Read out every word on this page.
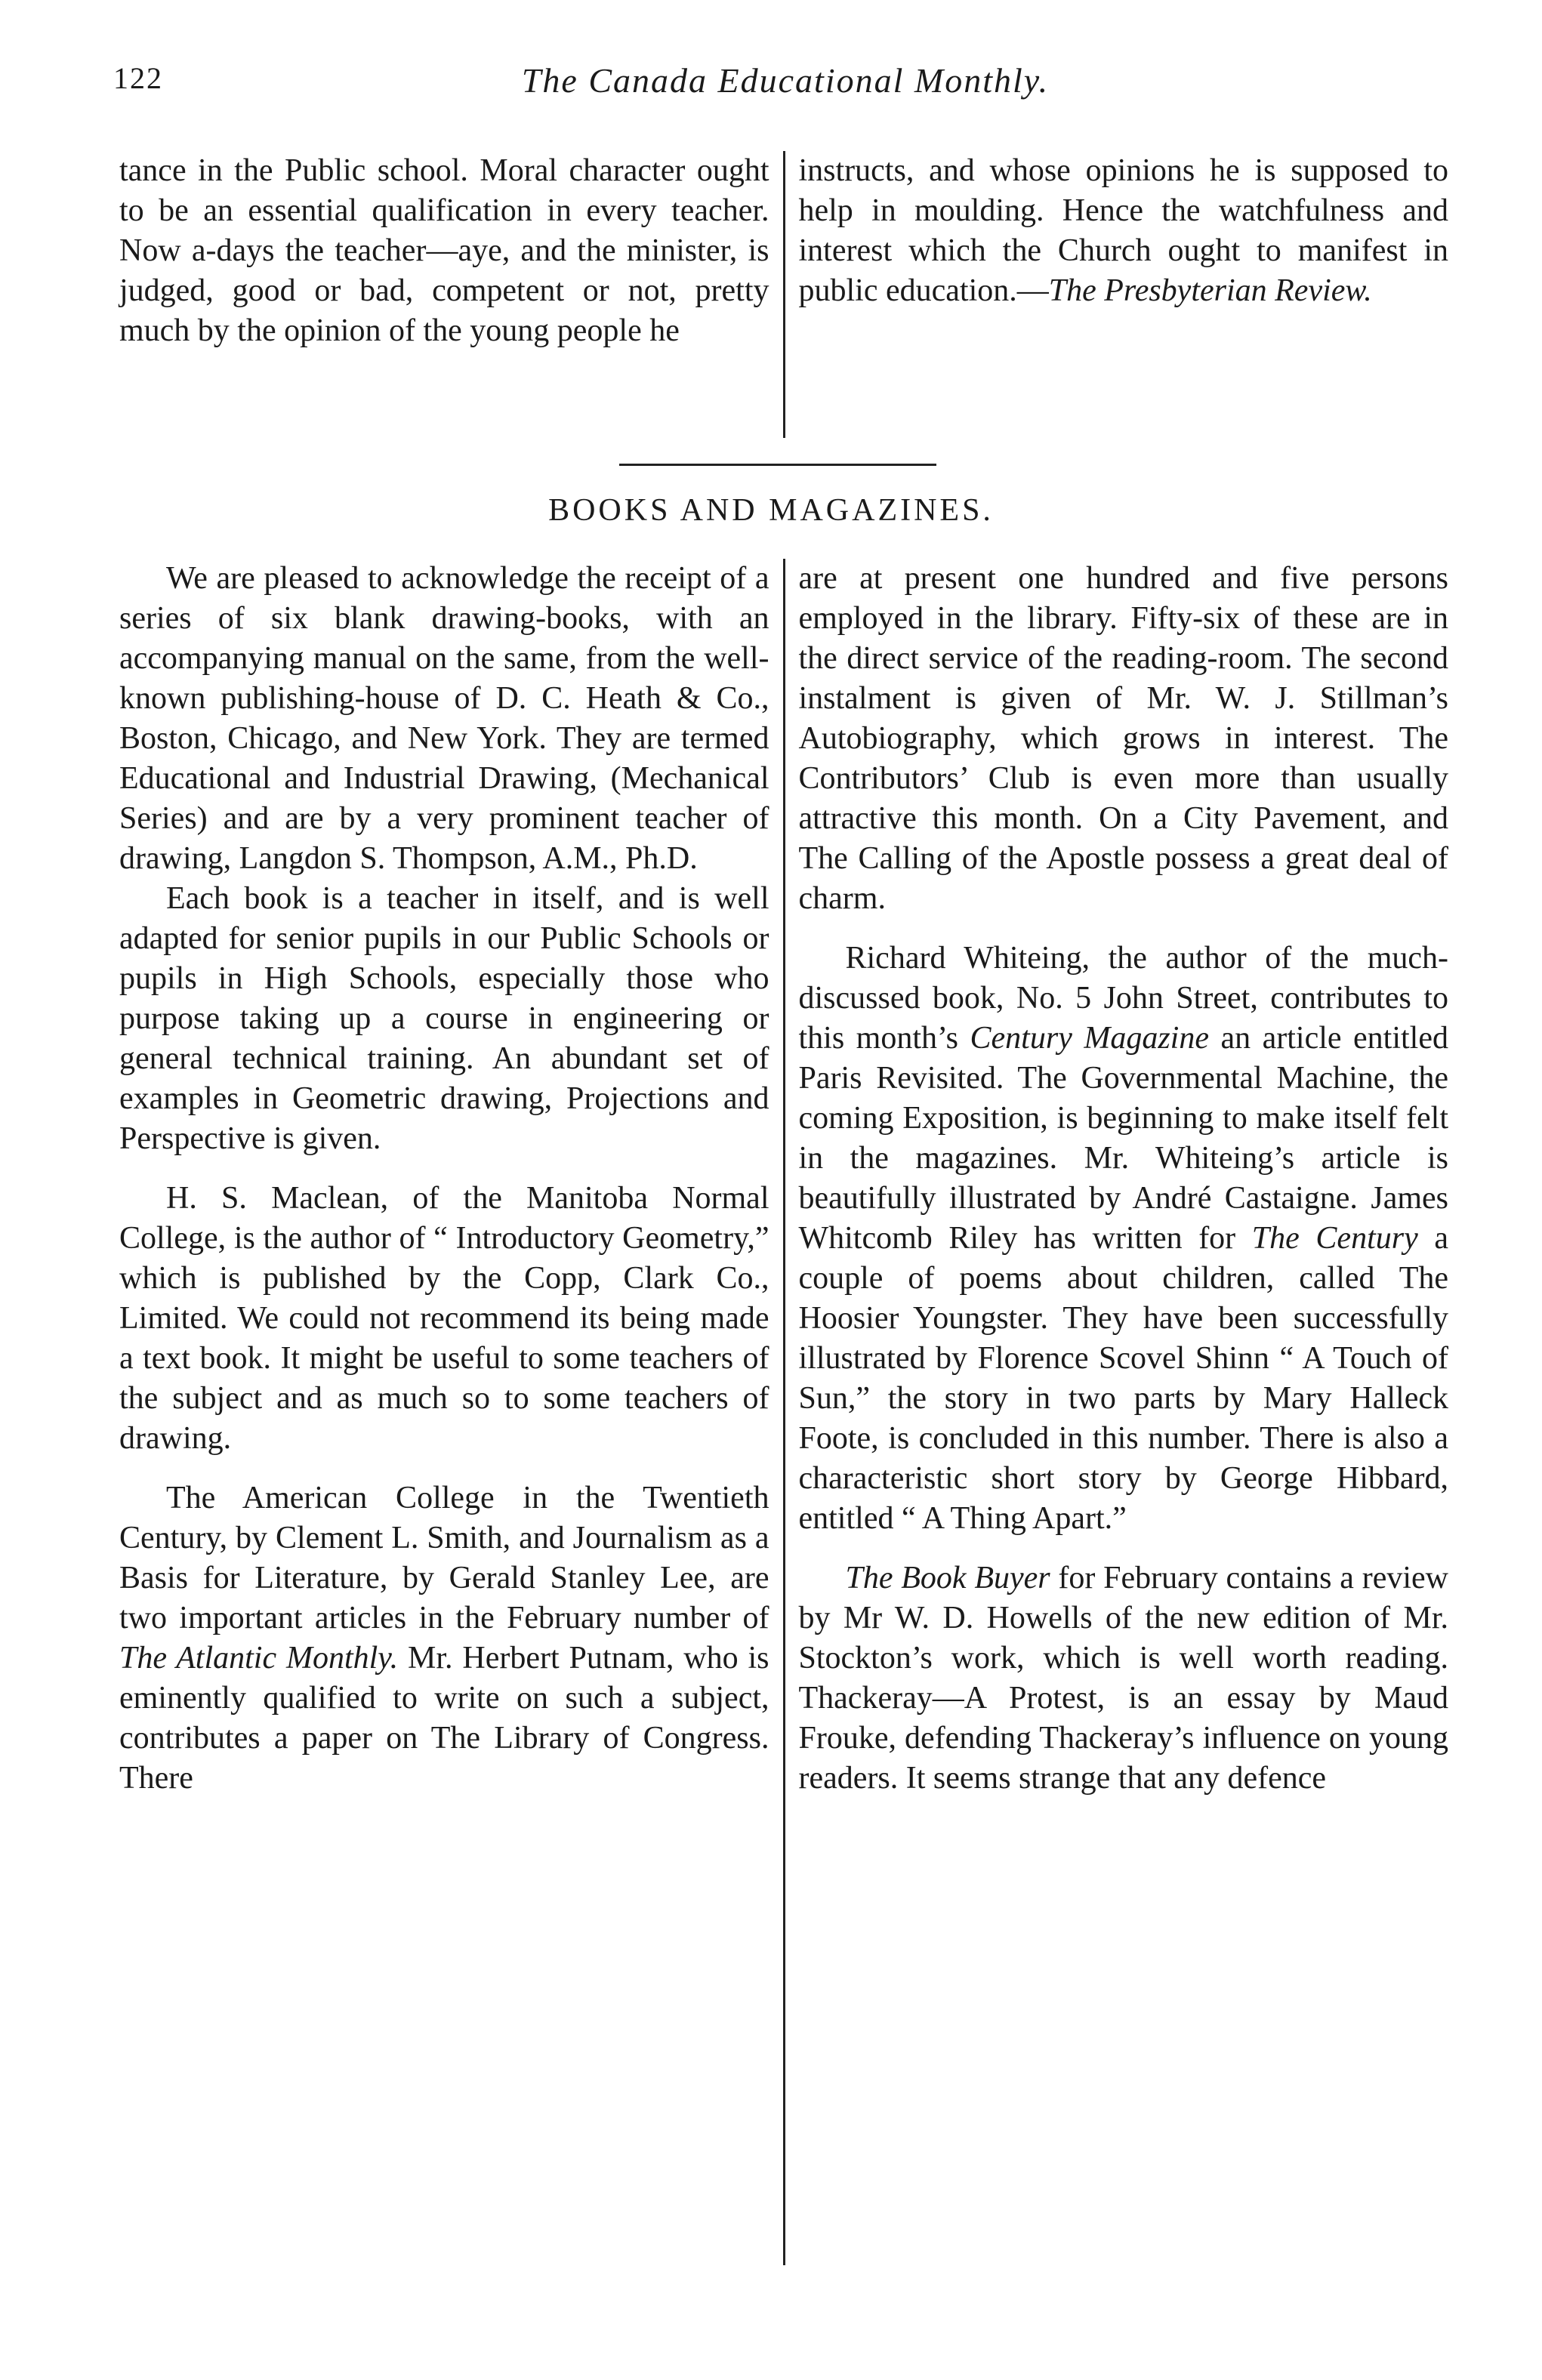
122	The Canada Educational Monthly.

tance in the Public school. Moral character ought to be an essential qualification in every teacher. Now a-days the teacher—aye, and the minister, is judged, good or bad, competent or not, pretty much by the opinion of the young people he

instructs, and whose opinions he is supposed to help in moulding. Hence the watchfulness and interest which the Church ought to manifest in public education.—The Presbyterian Review.

BOOKS AND MAGAZINES.

We are pleased to acknowledge the receipt of a series of six blank drawing-books, with an accompanying manual on the same, from the well-known publishing-house of D. C. Heath & Co., Boston, Chicago, and New York. They are termed Educational and Industrial Drawing, (Mechanical Series) and are by a very prominent teacher of drawing, Langdon S. Thompson, A.M., Ph.D.

Each book is a teacher in itself, and is well adapted for senior pupils in our Public Schools or pupils in High Schools, especially those who purpose taking up a course in engineering or general technical training. An abundant set of examples in Geometric drawing, Projections and Perspective is given.

H. S. Maclean, of the Manitoba Normal College, is the author of “ Introductory Geometry,” which is published by the Copp, Clark Co., Limited. We could not recommend its being made a text book. It might be useful to some teachers of the subject and as much so to some teachers of drawing.

The American College in the Twentieth Century, by Clement L. Smith, and Journalism as a Basis for Literature, by Gerald Stanley Lee, are two important articles in the February number of The Atlantic Monthly. Mr. Herbert Putnam, who is eminently qualified to write on such a subject, contributes a paper on The Library of Congress. There

are at present one hundred and five persons employed in the library. Fifty-six of these are in the direct service of the reading-room. The second instalment is given of Mr. W. J. Stillman’s Autobiography, which grows in interest. The Contributors’ Club is even more than usually attractive this month. On a City Pavement, and The Calling of the Apostle possess a great deal of charm.

Richard Whiteing, the author of the much-discussed book, No. 5 John Street, contributes to this month’s Century Magazine an article entitled Paris Revisited. The Governmental Machine, the coming Exposition, is beginning to make itself felt in the magazines. Mr. Whiteing’s article is beautifully illustrated by André Castaigne. James Whitcomb Riley has written for The Century a couple of poems about children, called The Hoosier Youngster. They have been successfully illustrated by Florence Scovel Shinn “ A Touch of Sun,” the story in two parts by Mary Halleck Foote, is concluded in this number. There is also a characteristic short story by George Hibbard, entitled “ A Thing Apart.”

The Book Buyer for February contains a review by Mr W. D. Howells of the new edition of Mr. Stockton’s work, which is well worth reading. Thackeray—A Protest, is an essay by Maud Frouke, defending Thackeray’s influence on young readers. It seems strange that any defence
